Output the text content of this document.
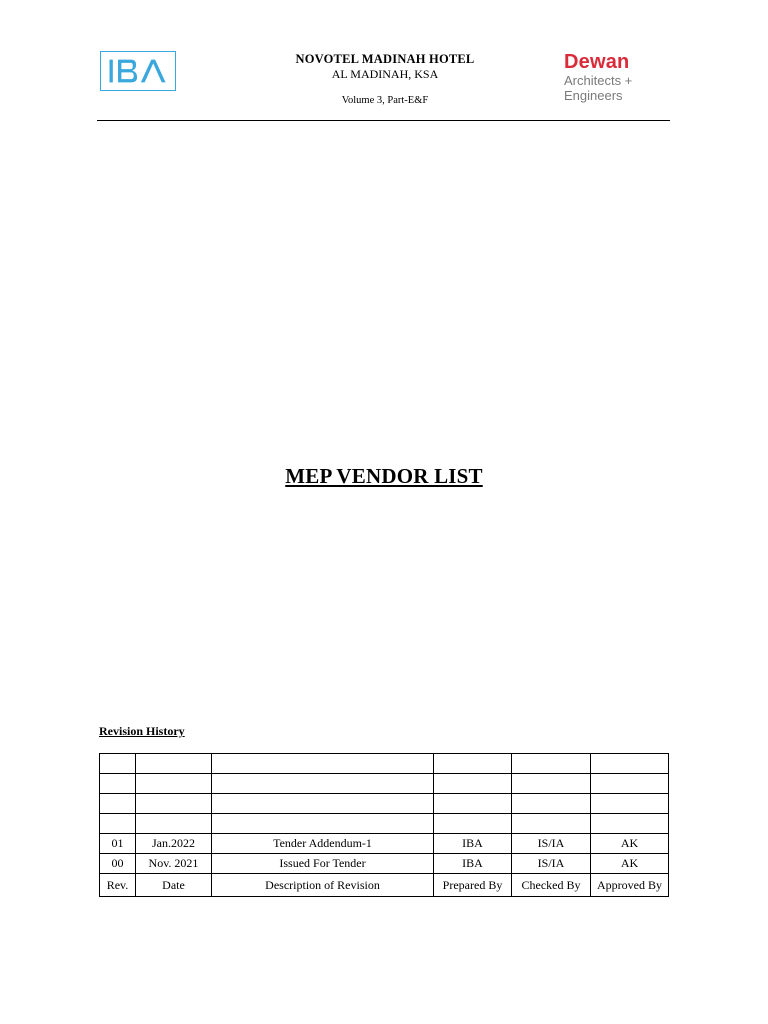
NOVOTEL MADINAH HOTEL
AL MADINAH, KSA
Volume 3, Part-E&F
Dewan
Architects +
Engineers
MEP VENDOR LIST
Revision History

01	Jan.2022	Tender Addendum-1	IBA	IS/IA	AK
00	Nov. 2021	Issued For Tender	IBA	IS/IA	AK
Rev.	Date	Description of Revision	Prepared By	Checked By	Approved By
